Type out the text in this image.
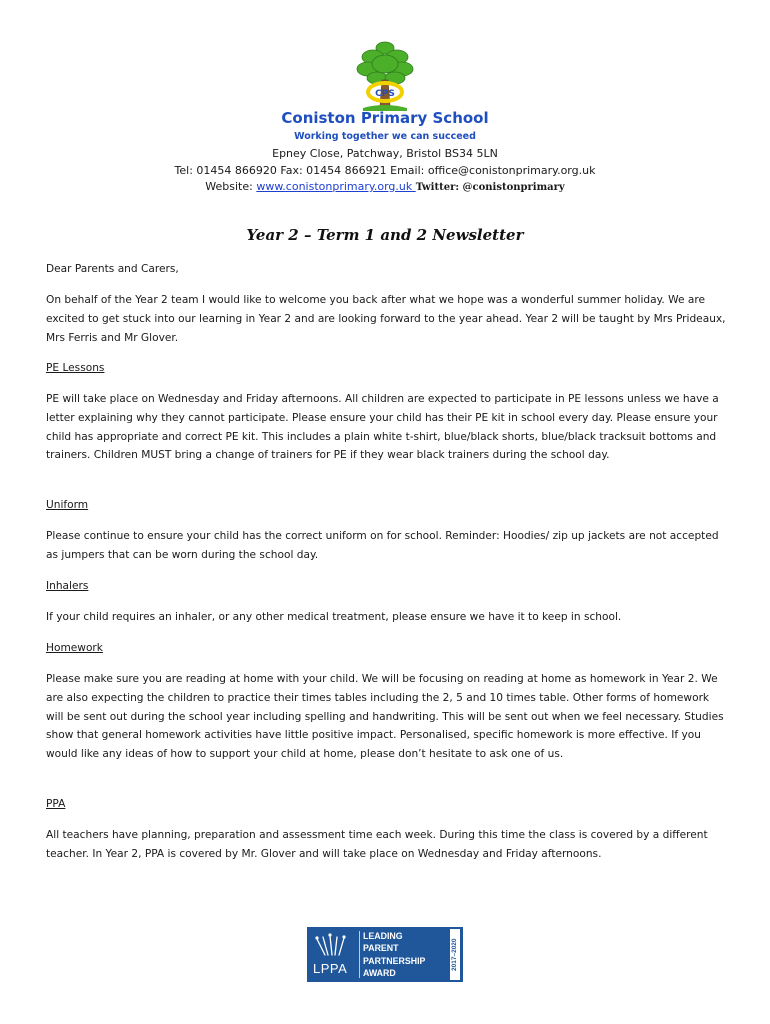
CPS
Coniston Primary School
Working together we can succeed
Epney Close, Patchway, Bristol BS34 5LN
Tel: 01454 866920 Fax: 01454 866921 Email: office@conistonprimary.org.uk
Website: www.conistonprimary.org.uk Twitter: @conistonprimary
Year 2 – Term 1 and 2 Newsletter

Dear Parents and Carers,

On behalf of the Year 2 team I would like to welcome you back after what we hope was a wonderful summer holiday. We are excited to get stuck into our learning in Year 2 and are looking forward to the year ahead. Year 2 will be taught by Mrs Prideaux, Mrs Ferris and Mr Glover.

PE Lessons

PE will take place on Wednesday and Friday afternoons. All children are expected to participate in PE lessons unless we have a letter explaining why they cannot participate. Please ensure your child has their PE kit in school every day. Please ensure your child has appropriate and correct PE kit. This includes a plain white t-shirt, blue/black shorts, blue/black tracksuit bottoms and trainers. Children MUST bring a change of trainers for PE if they wear black trainers during the school day.

Uniform

Please continue to ensure your child has the correct uniform on for school. Reminder: Hoodies/ zip up jackets are not accepted as jumpers that can be worn during the school day.

Inhalers

If your child requires an inhaler, or any other medical treatment, please ensure we have it to keep in school.

Homework

Please make sure you are reading at home with your child. We will be focusing on reading at home as homework in Year 2. We are also expecting the children to practice their times tables including the 2, 5 and 10 times table. Other forms of homework will be sent out during the school year including spelling and handwriting. This will be sent out when we feel necessary. Studies show that general homework activities have little positive impact. Personalised, specific homework is more effective. If you would like any ideas of how to support your child at home, please don’t hesitate to ask one of us.

PPA

All teachers have planning, preparation and assessment time each week. During this time the class is covered by a different teacher. In Year 2, PPA is covered by Mr. Glover and will take place on Wednesday and Friday afternoons.

LPPA
LEADING
PARENT
PARTNERSHIP
AWARD
2017–2020
